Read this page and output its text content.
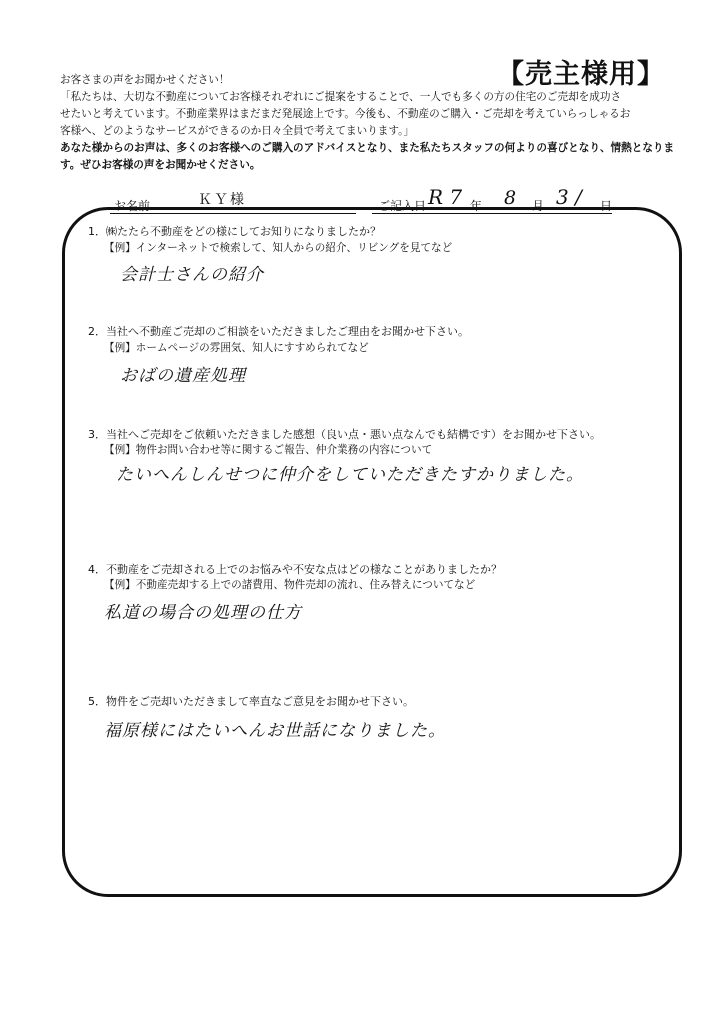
【売主様用】

お客さまの声をお聞かせください！

「私たちは、大切な不動産についてお客様それぞれにご提案をすることで、一人でも多くの方の住宅のご売却を成功さ

せたいと考えています。不動産業界はまだまだ発展途上です。今後も、不動産のご購入・ご売却を考えていらっしゃるお

客様へ、どのようなサービスができるのか日々全員で考えてまいります。」

あなた様からのお声は、多くのお客様へのご購入のアドバイスとなり、また私たちスタッフの何よりの喜びとなり、情熱となりま

す。ぜひお客様の声をお聞かせください。

お名前	ＫＹ様	ご記入日 R 7 年 8 月 3 / 日
1．㈱たたら不動産をどの様にしてお知りになりましたか？
【例】インターネットで検索して、知人からの紹介、リビングを見てなど
会計士さんの紹介
2．当社へ不動産ご売却のご相談をいただきましたご理由をお聞かせ下さい。
【例】ホームページの雰囲気、知人にすすめられてなど
おばの遺産処理
3．当社へご売却をご依頼いただきました感想（良い点・悪い点なんでも結構です）をお聞かせ下さい。
【例】物件お問い合わせ等に関するご報告、仲介業務の内容について
たいへんしんせつに仲介をしていただきたすかりました。
4．不動産をご売却される上でのお悩みや不安な点はどの様なことがありましたか？
【例】不動産売却する上での諸費用、物件売却の流れ、住み替えについてなど
私道の場合の処理の仕方
5．物件をご売却いただきまして率直なご意見をお聞かせ下さい。
福原様にはたいへんお世話になりました。
